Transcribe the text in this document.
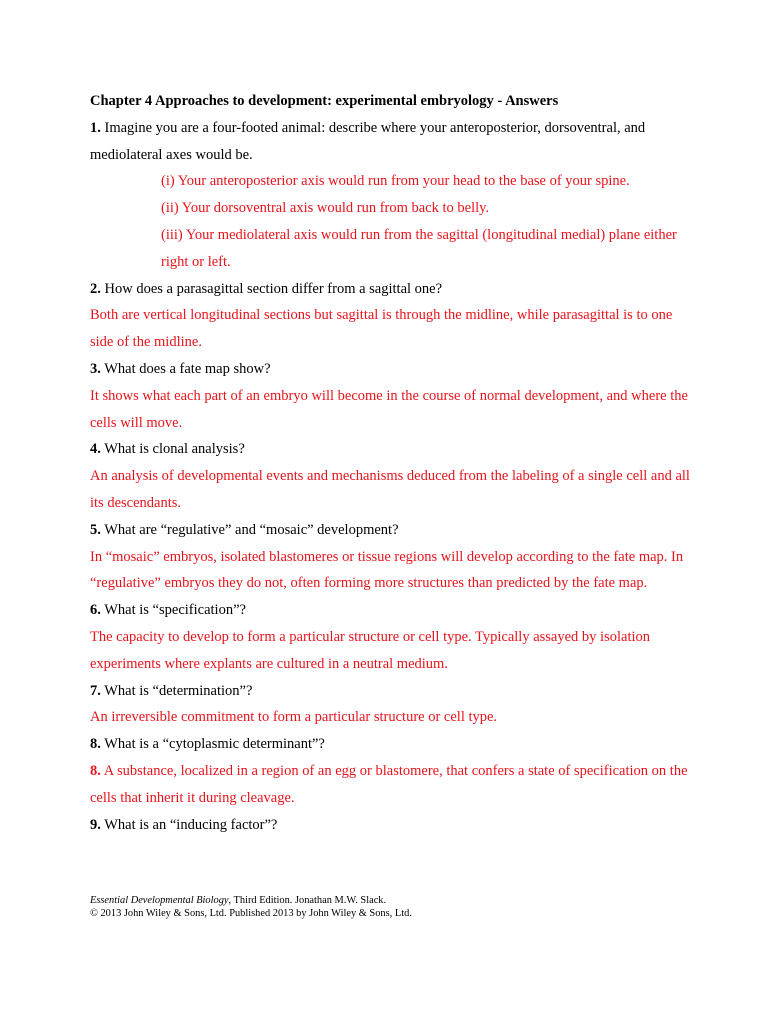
Chapter 4 Approaches to development: experimental embryology - Answers

1. Imagine you are a four-footed animal: describe where your anteroposterior, dorsoventral, and mediolateral axes would be.

(i) Your anteroposterior axis would run from your head to the base of your spine.

(ii) Your dorsoventral axis would run from back to belly.

(iii) Your mediolateral axis would run from the sagittal (longitudinal medial) plane either right or left.

2. How does a parasagittal section differ from a sagittal one?

Both are vertical longitudinal sections but sagittal is through the midline, while parasagittal is to one side of the midline.

3. What does a fate map show?

It shows what each part of an embryo will become in the course of normal development, and where the cells will move.

4. What is clonal analysis?

An analysis of developmental events and mechanisms deduced from the labeling of a single cell and all its descendants.

5. What are “regulative” and “mosaic” development?

In “mosaic” embryos, isolated blastomeres or tissue regions will develop according to the fate map. In “regulative” embryos they do not, often forming more structures than predicted by the fate map.

6. What is “specification”?

The capacity to develop to form a particular structure or cell type. Typically assayed by isolation experiments where explants are cultured in a neutral medium.

7. What is “determination”?

An irreversible commitment to form a particular structure or cell type.

8. What is a “cytoplasmic determinant”?

8. A substance, localized in a region of an egg or blastomere, that confers a state of specification on the cells that inherit it during cleavage.

9. What is an “inducing factor”?

Essential Developmental Biology, Third Edition. Jonathan M.W. Slack.
© 2013 John Wiley & Sons, Ltd. Published 2013 by John Wiley & Sons, Ltd.
